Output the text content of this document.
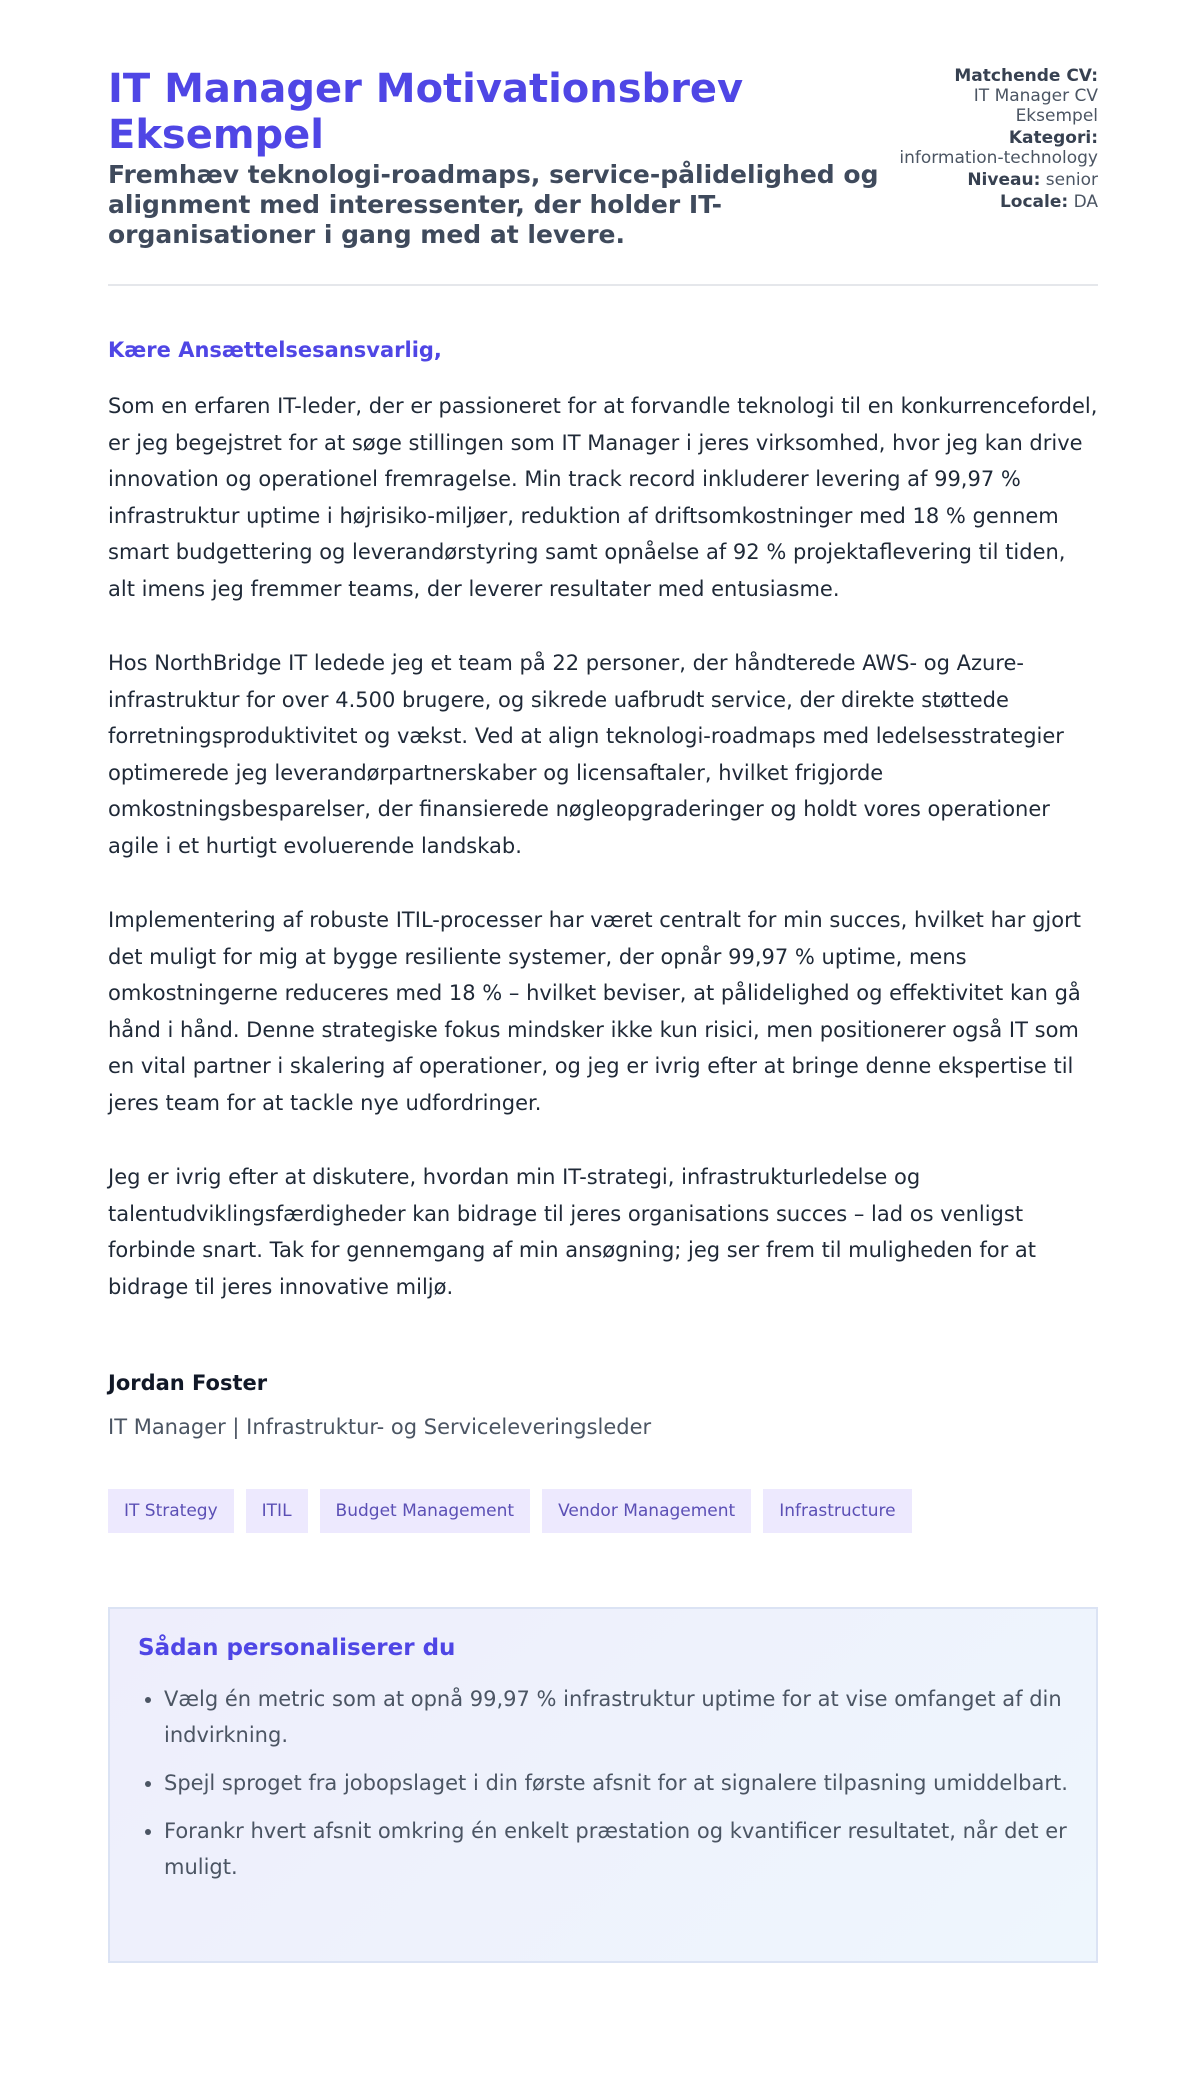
IT Manager Motivationsbrev Eksempel
Fremhæv teknologi-roadmaps, service-pålidelighed og alignment med interessenter, der holder IT-organisationer i gang med at levere.
Matchende CV:
IT Manager CV Eksempel
Kategori:
information-technology
Niveau: senior
Locale: DA

Kære Ansættelsesansvarlig,

Som en erfaren IT-leder, der er passioneret for at forvandle teknologi til en konkurrencefordel, er jeg begejstret for at søge stillingen som IT Manager i jeres virksomhed, hvor jeg kan drive innovation og operationel fremragelse. Min track record inkluderer levering af 99,97 % infrastruktur uptime i højrisiko-miljøer, reduktion af driftsomkostninger med 18 % gennem smart budgettering og leverandørstyring samt opnåelse af 92 % projektaflevering til tiden, alt imens jeg fremmer teams, der leverer resultater med entusiasme.

Hos NorthBridge IT ledede jeg et team på 22 personer, der håndterede AWS- og Azure-infrastruktur for over 4.500 brugere, og sikrede uafbrudt service, der direkte støttede forretningsproduktivitet og vækst. Ved at align teknologi-roadmaps med ledelsesstrategier optimerede jeg leverandørpartnerskaber og licensaftaler, hvilket frigjorde omkostningsbesparelser, der finansierede nøgleopgraderinger og holdt vores operationer agile i et hurtigt evoluerende landskab.

Implementering af robuste ITIL-processer har været centralt for min succes, hvilket har gjort det muligt for mig at bygge resiliente systemer, der opnår 99,97 % uptime, mens omkostningerne reduceres med 18 % – hvilket beviser, at pålidelighed og effektivitet kan gå hånd i hånd. Denne strategiske fokus mindsker ikke kun risici, men positionerer også IT som en vital partner i skalering af operationer, og jeg er ivrig efter at bringe denne ekspertise til jeres team for at tackle nye udfordringer.

Jeg er ivrig efter at diskutere, hvordan min IT-strategi, infrastrukturledelse og talentudviklingsfærdigheder kan bidrage til jeres organisations succes – lad os venligst forbinde snart. Tak for gennemgang af min ansøgning; jeg ser frem til muligheden for at bidrage til jeres innovative miljø.

Jordan Foster
IT Manager | Infrastruktur- og Serviceleveringsleder
IT Strategy	ITIL	Budget Management	Vendor Management	Infrastructure
Sådan personaliserer du
• Vælg én metric som at opnå 99,97 % infrastruktur uptime for at vise omfanget af din indvirkning.
• Spejl sproget fra jobopslaget i din første afsnit for at signalere tilpasning umiddelbart.
• Forankr hvert afsnit omkring én enkelt præstation og kvantificer resultatet, når det er muligt.
